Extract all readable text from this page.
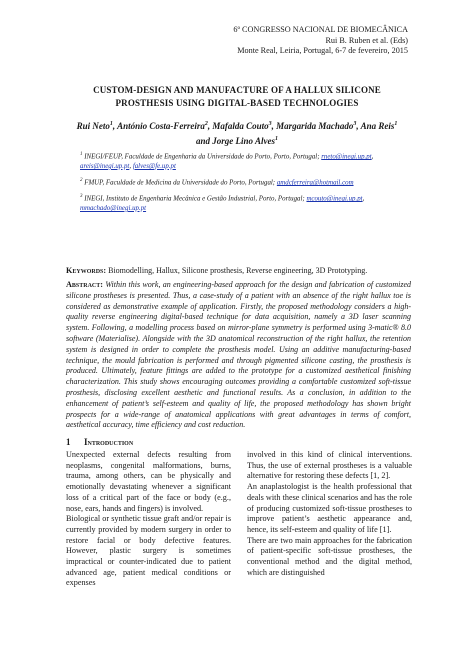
6º CONGRESSO NACIONAL DE BIOMECÂNICA
Rui B. Ruben et al. (Eds)
Monte Real, Leiria, Portugal, 6-7 de fevereiro, 2015
CUSTOM-DESIGN AND MANUFACTURE OF A HALLUX SILICONE
PROSTHESIS USING DIGITAL-BASED TECHNOLOGIES
Rui Neto$^1$, António Costa-Ferreira$^2$, Mafalda Couto$^3$, Margarida Machado$^3$, Ana Reis$^1$
and Jorge Lino Alves$^1$
$^1$ INEGI/FEUP, Faculdade de Engenharia da Universidade do Porto, Porto, Portugal; rneto@inegi.up.pt, areis@inegi.up.pt, falves@fe.up.pt
$^2$ FMUP, Faculdade de Medicina da Universidade do Porto, Portugal; amdcferreira@hotmail.com
$^3$ INEGI, Instituto de Engenharia Mecânica e Gestão Industrial, Porto, Portugal; mcouto@inegi.up.pt, mmachado@inegi.up.pt
Keywords: Biomodelling, Hallux, Silicone prosthesis, Reverse engineering, 3D Prototyping.
Abstract: Within this work, an engineering-based approach for the design and fabrication of customized silicone prostheses is presented. Thus, a case-study of a patient with an absence of the right hallux toe is considered as demonstrative example of application. Firstly, the proposed methodology considers a high-quality reverse engineering digital-based technique for data acquisition, namely a 3D laser scanning system. Following, a modelling process based on mirror-plane symmetry is performed using 3-matic® 8.0 software (Materialise). Alongside with the 3D anatomical reconstruction of the right hallux, the retention system is designed in order to complete the prosthesis model. Using an additive manufacturing-based technique, the mould fabrication is performed and through pigmented silicone casting, the prosthesis is produced. Ultimately, feature fittings are added to the prototype for a customized aesthetical finishing characterization. This study shows encouraging outcomes providing a comfortable customized soft-tissue prosthesis, disclosing excellent aesthetic and functional results. As a conclusion, in addition to the enhancement of patient’s self-esteem and quality of life, the proposed methodology has shown bright prospects for a wide-range of anatomical applications with great advantages in terms of comfort, aesthetical accuracy, time efficiency and cost reduction.
1 Introduction

Unexpected external defects resulting from neoplasms, congenital malformations, burns, trauma, among others, can be physically and emotionally devastating whenever a significant loss of a critical part of the face or body (e.g., nose, ears, hands and fingers) is involved.

Biological or synthetic tissue graft and/or repair is currently provided by modern surgery in order to restore facial or body defective features. However, plastic surgery is sometimes impractical or counter-indicated due to patient advanced age, patient medical conditions or expenses

involved in this kind of clinical interventions. Thus, the use of external prostheses is a valuable alternative for restoring these defects [1, 2].

An anaplastologist is the health professional that deals with these clinical scenarios and has the role of producing customized soft-tissue prostheses to improve patient’s aesthetic appearance and, hence, its self-esteem and quality of life [1].

There are two main approaches for the fabrication of patient-specific soft-tissue prostheses, the conventional method and the digital method, which are distinguished
